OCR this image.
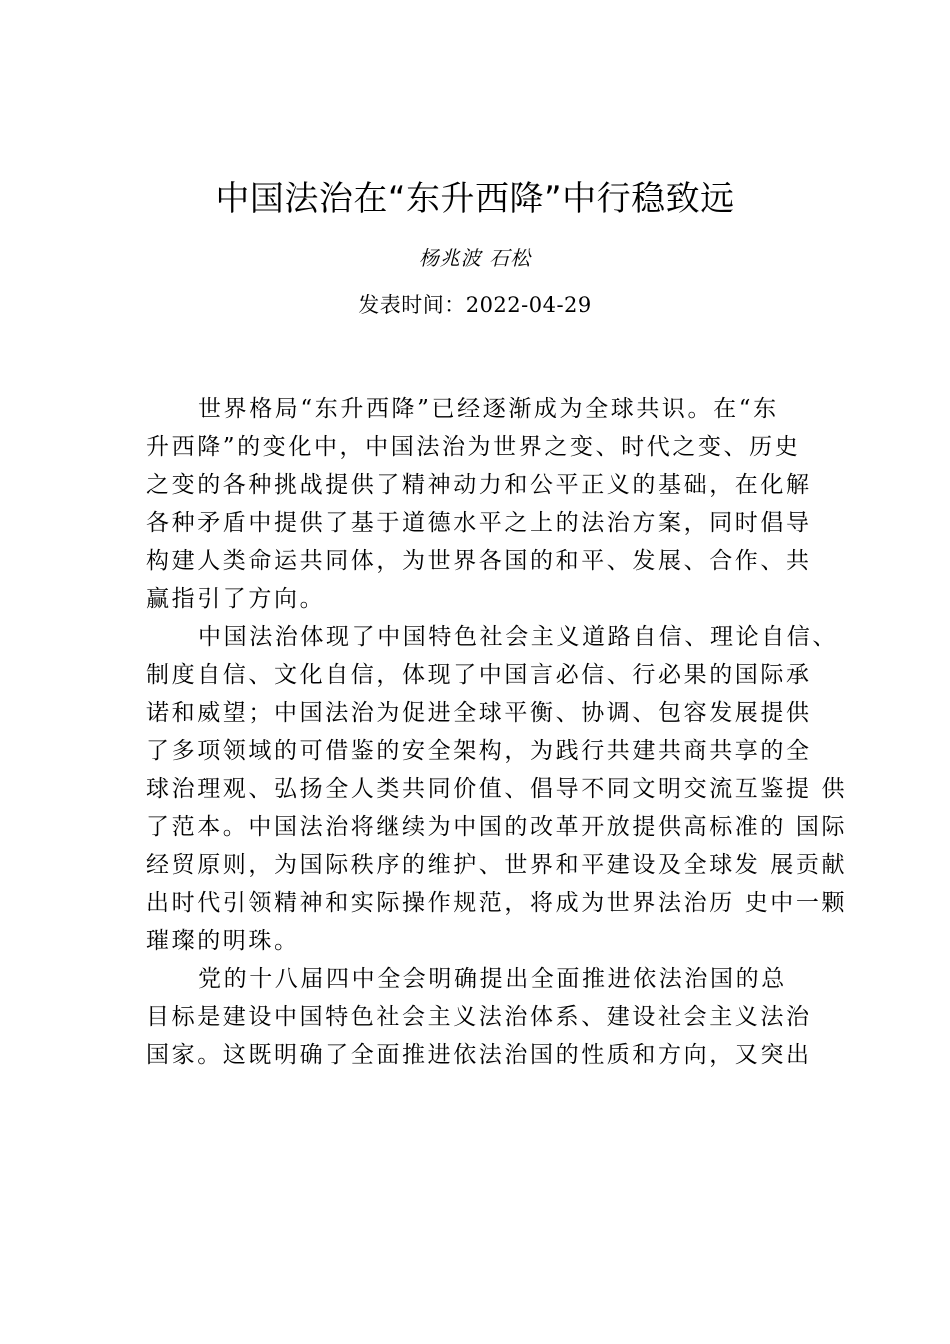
中国法治在“东升西降”中行稳致远
杨兆波 石松
发表时间：2022-04-29
世界格局“东升西降”已经逐渐成为全球共识。在“东
升西降”的变化中，中国法治为世界之变、时代之变、历史
之变的各种挑战提供了精神动力和公平正义的基础，在化解
各种矛盾中提供了基于道德水平之上的法治方案，同时倡导
构建人类命运共同体，为世界各国的和平、发展、合作、共
赢指引了方向。
中国法治体现了中国特色社会主义道路自信、理论自信、
制度自信、文化自信，体现了中国言必信、行必果的国际承
诺和威望；中国法治为促进全球平衡、协调、包容发展提供
了多项领域的可借鉴的安全架构，为践行共建共商共享的全
球治理观、弘扬全人类共同价值、倡导不同文明交流互鉴提 供
了范本。中国法治将继续为中国的改革开放提供高标准的 国际
经贸原则，为国际秩序的维护、世界和平建设及全球发 展贡献
出时代引领精神和实际操作规范，将成为世界法治历 史中一颗
璀璨的明珠。
党的十八届四中全会明确提出全面推进依法治国的总
目标是建设中国特色社会主义法治体系、建设社会主义法治
国家。这既明确了全面推进依法治国的性质和方向，又突出
